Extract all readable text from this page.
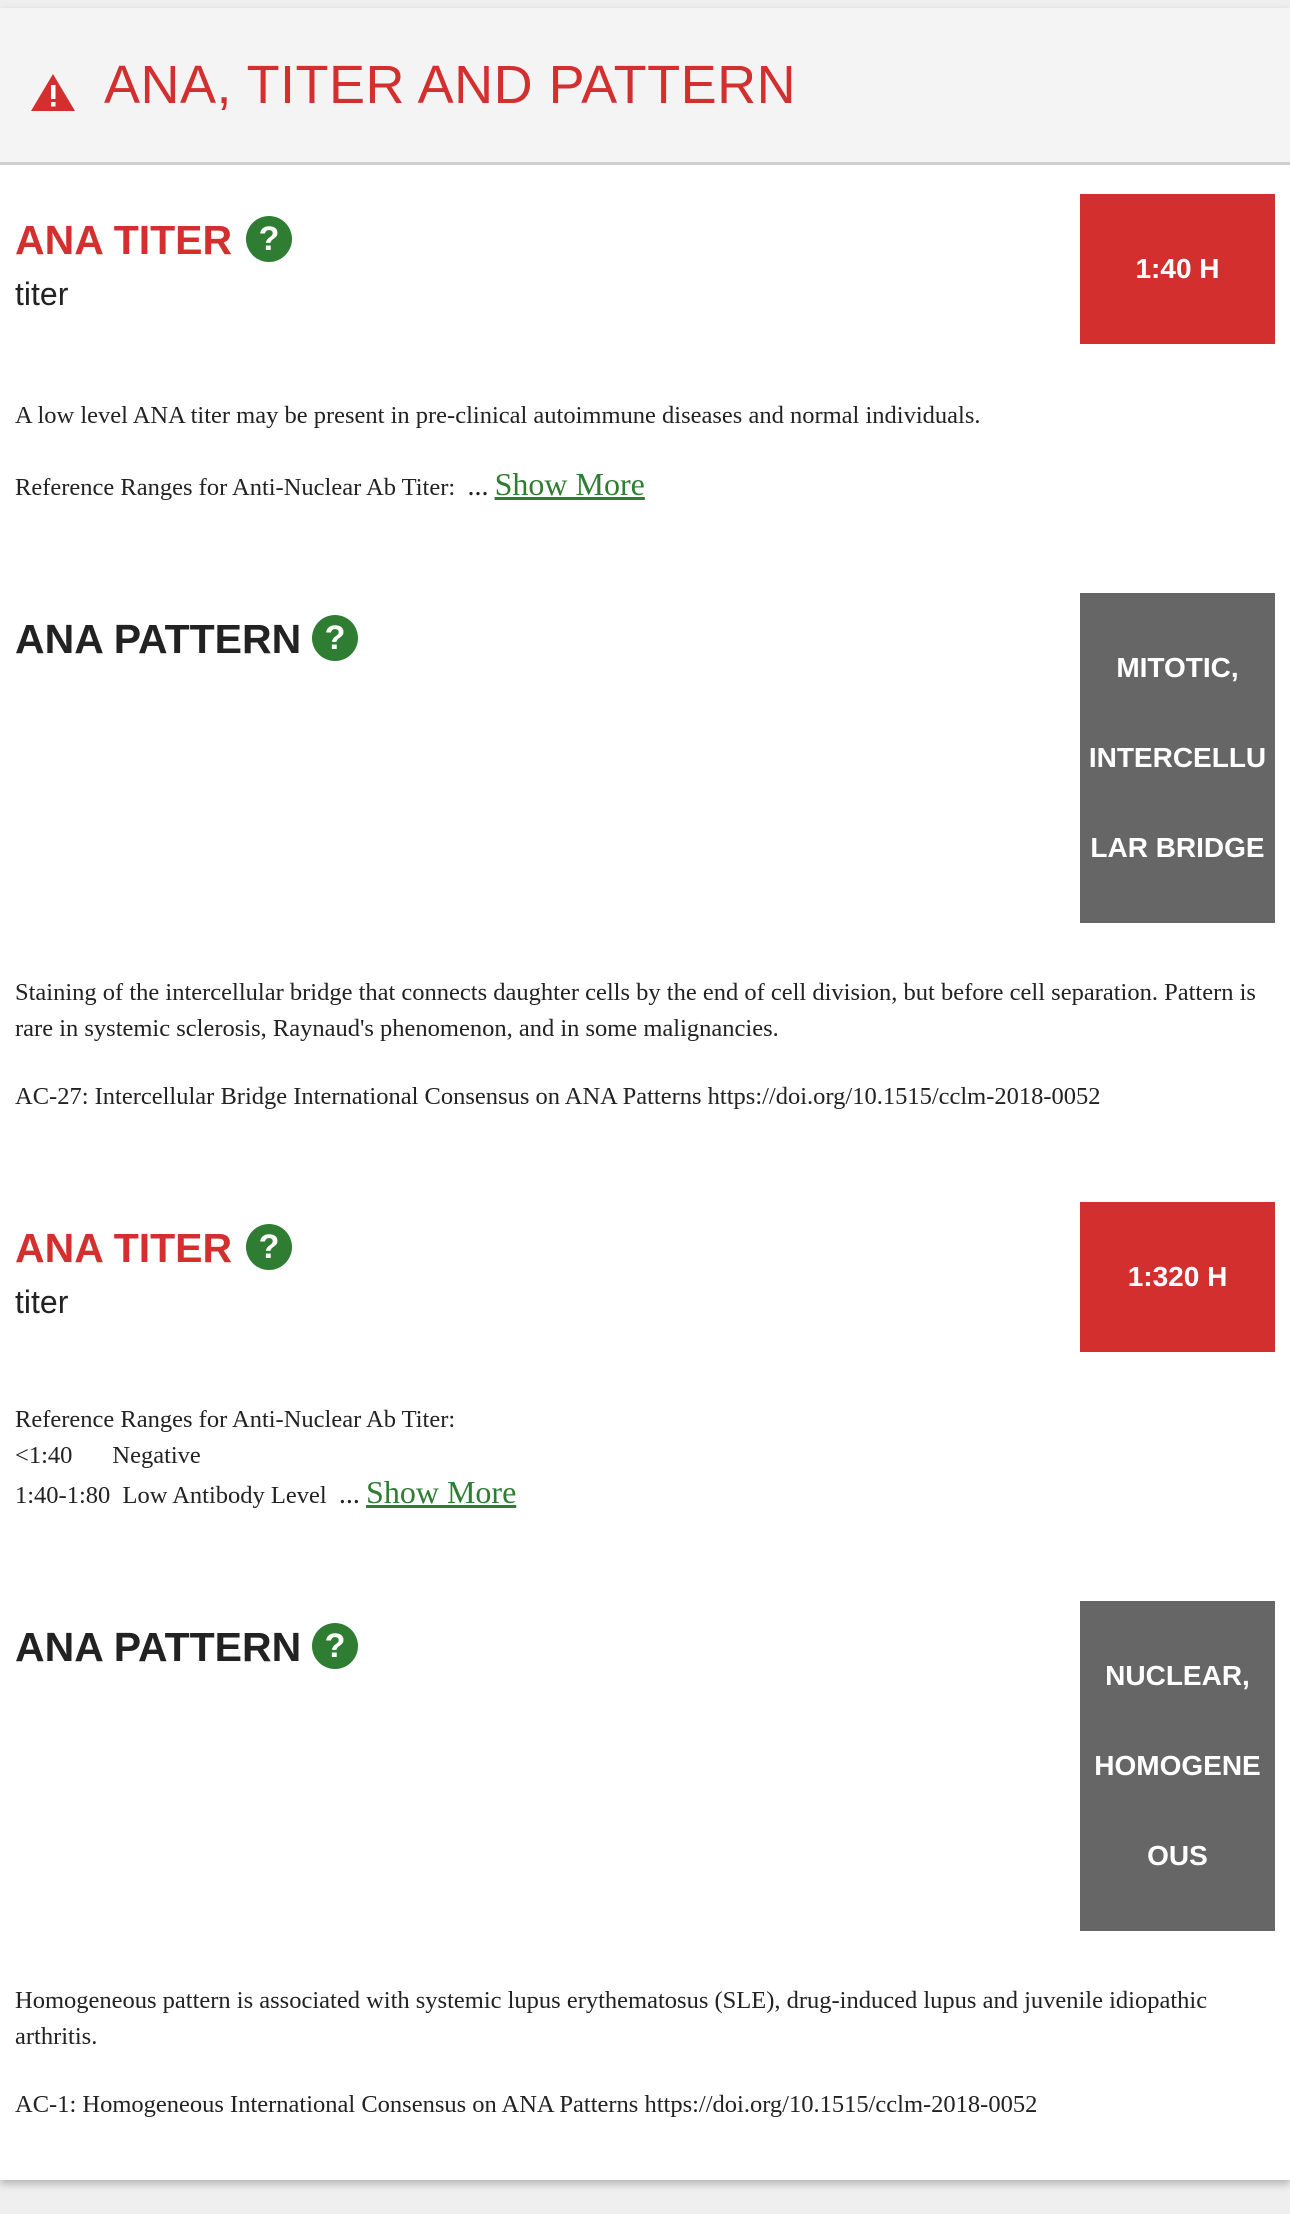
ANA, TITER AND PATTERN
ANA TITER ?
titer
1:40 H
A low level ANA titer may be present in pre-clinical autoimmune diseases and normal individuals.
Reference Ranges for Anti-Nuclear Ab Titer: ... Show More
ANA PATTERN ?
MITOTIC,
INTERCELLU
LAR BRIDGE
Staining of the intercellular bridge that connects daughter cells by the end of cell division, but before cell separation. Pattern is rare in systemic sclerosis, Raynaud's phenomenon, and in some malignancies.
AC-27: Intercellular Bridge International Consensus on ANA Patterns https://doi.org/10.1515/cclm-2018-0052
ANA TITER ?
titer
1:320 H
Reference Ranges for Anti-Nuclear Ab Titer:
<1:40	Negative
1:40-1:80 Low Antibody Level ... Show More
ANA PATTERN ?
NUCLEAR,
HOMOGENE
OUS
Homogeneous pattern is associated with systemic lupus erythematosus (SLE), drug-induced lupus and juvenile idiopathic arthritis.
AC-1: Homogeneous International Consensus on ANA Patterns https://doi.org/10.1515/cclm-2018-0052
